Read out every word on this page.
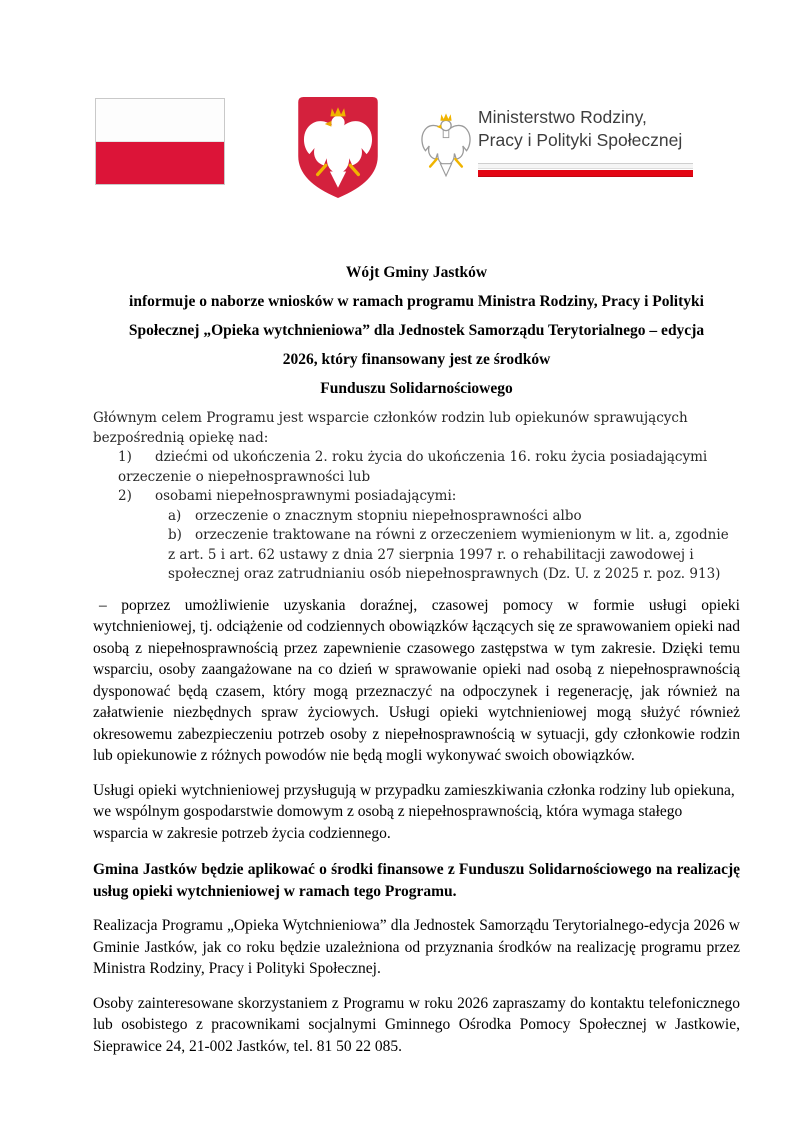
Ministerstwo Rodziny,
Pracy i Polityki Społecznej
Wójt Gminy Jastków
informuje o naborze wniosków w ramach programu Ministra Rodziny, Pracy i Polityki
Społecznej „Opieka wytchnieniowa” dla Jednostek Samorządu Terytorialnego – edycja
2026, który finansowany jest ze środków
Funduszu Solidarnościowego

Głównym celem Programu jest wsparcie członków rodzin lub opiekunów sprawujących bezpośrednią opiekę nad:

1) dziećmi od ukończenia 2. roku życia do ukończenia 16. roku życia posiadającymi orzeczenie o niepełnosprawności lub
2) osobami niepełnosprawnymi posiadającymi:
a) orzeczenie o znacznym stopniu niepełnosprawności albo
b) orzeczenie traktowane na równi z orzeczeniem wymienionym w lit. a, zgodnie z art. 5 i art. 62 ustawy z dnia 27 sierpnia 1997 r. o rehabilitacji zawodowej i społecznej oraz zatrudnianiu osób niepełnosprawnych (Dz. U. z 2025 r. poz. 913)

– poprzez umożliwienie uzyskania doraźnej, czasowej pomocy w formie usługi opieki wytchnieniowej, tj. odciążenie od codziennych obowiązków łączących się ze sprawowaniem opieki nad osobą z niepełnosprawnością przez zapewnienie czasowego zastępstwa w tym zakresie. Dzięki temu wsparciu, osoby zaangażowane na co dzień w sprawowanie opieki nad osobą z niepełnosprawnością dysponować będą czasem, który mogą przeznaczyć na odpoczynek i regenerację, jak również na załatwienie niezbędnych spraw życiowych. Usługi opieki wytchnieniowej mogą służyć również okresowemu zabezpieczeniu potrzeb osoby z niepełnosprawnością w sytuacji, gdy członkowie rodzin lub opiekunowie z różnych powodów nie będą mogli wykonywać swoich obowiązków.

Usługi opieki wytchnieniowej przysługują w przypadku zamieszkiwania członka rodziny lub opiekuna, we wspólnym gospodarstwie domowym z osobą z niepełnosprawnością, która wymaga stałego wsparcia w zakresie potrzeb życia codziennego.

Gmina Jastków będzie aplikować o środki finansowe z Funduszu Solidarnościowego na realizację usług opieki wytchnieniowej w ramach tego Programu.

Realizacja Programu „Opieka Wytchnieniowa” dla Jednostek Samorządu Terytorialnego-edycja 2026 w Gminie Jastków, jak co roku będzie uzależniona od przyznania środków na realizację programu przez Ministra Rodziny, Pracy i Polityki Społecznej.

Osoby zainteresowane skorzystaniem z Programu w roku 2026 zapraszamy do kontaktu telefonicznego lub osobistego z pracownikami socjalnymi Gminnego Ośrodka Pomocy Społecznej w Jastkowie, Sieprawice 24, 21-002 Jastków, tel. 81 50 22 085.
